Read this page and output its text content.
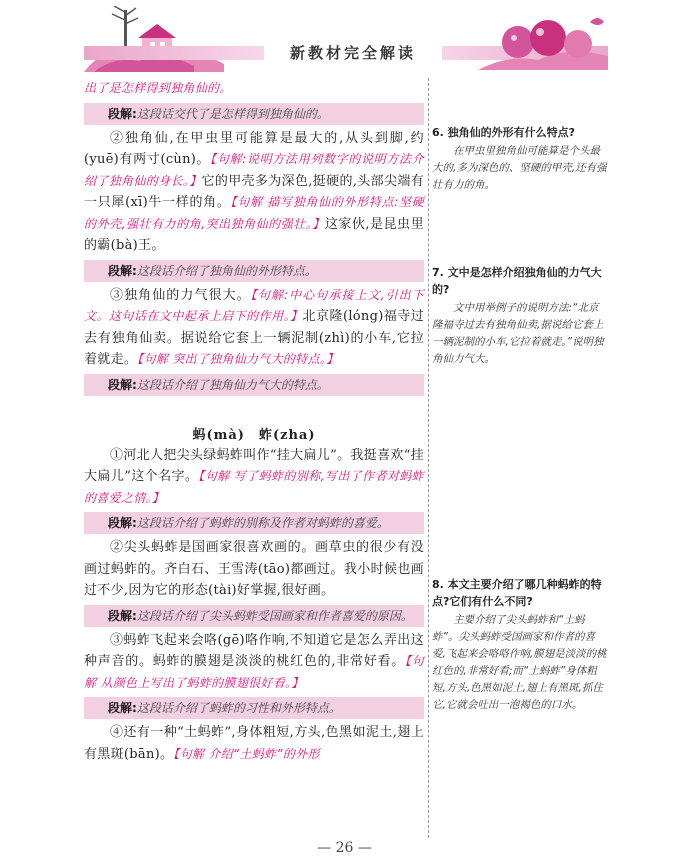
新教材完全解读

出了是怎样得到独角仙的。

段解:这段话交代了是怎样得到独角仙的。

②独角仙,在甲虫里可能算是最大的,从头到脚,约(yuē)有两寸(cùn)。【句解:说明方法用列数字的说明方法介绍了独角仙的身长。】它的甲壳多为深色,挺硬的,头部尖端有一只犀(xī)牛一样的角。【句解 描写独角仙的外形特点:坚硬的外壳,强壮有力的角,突出独角仙的强壮。】这家伙,是昆虫里的霸(bà)王。

段解:这段话介绍了独角仙的外形特点。

③独角仙的力气很大。【句解:中心句承接上文,引出下文。这句话在文中起承上启下的作用。】北京隆(lóng)福寺过去有独角仙卖。据说给它套上一辆泥制(zhì)的小车,它拉着就走。【句解 突出了独角仙力气大的特点。】

段解:这段话介绍了独角仙力气大的特点。
蚂(mà)　蚱(zha)

①河北人把尖头绿蚂蚱叫作“挂大扁儿”。我挺喜欢“挂大扁儿”这个名字。【句解 写了蚂蚱的别称,写出了作者对蚂蚱的喜爱之情。】

段解:这段话介绍了蚂蚱的别称及作者对蚂蚱的喜爱。

②尖头蚂蚱是国画家很喜欢画的。画草虫的很少有没画过蚂蚱的。齐白石、王雪涛(tāo)都画过。我小时候也画过不少,因为它的形态(tài)好掌握,很好画。

段解:这段话介绍了尖头蚂蚱受国画家和作者喜爱的原因。

③蚂蚱飞起来会咯(gē)咯作响,不知道它是怎么弄出这种声音的。蚂蚱的膜翅是淡淡的桃红色的,非常好看。【句解 从颜色上写出了蚂蚱的膜翅很好看。】

段解:这段话介绍了蚂蚱的习性和外形特点。

④还有一种“土蚂蚱”,身体粗短,方头,色黑如泥土,翅上有黑斑(bān)。【句解 介绍“土蚂蚱”的外形

6. 独角仙的外形有什么特点?

在甲虫里独角仙可能算是个头最大的,多为深色的、坚硬的甲壳,还有强壮有力的角。

7. 文中是怎样介绍独角仙的力气大的?

文中用举例子的说明方法:“北京隆福寺过去有独角仙卖,据说给它套上一辆泥制的小车,它拉着就走。”说明独角仙力气大。

8. 本文主要介绍了哪几种蚂蚱的特点?它们有什么不同?

主要介绍了尖头蚂蚱和“土蚂蚱”。尖头蚂蚱受国画家和作者的喜爱,飞起来会咯咯作响,膜翅是淡淡的桃红色的,非常好看;而“土蚂蚱”身体粗短,方头,色黑如泥土,翅上有黑斑,抓住它,它就会吐出一泡褐色的口水。

— 26 —
